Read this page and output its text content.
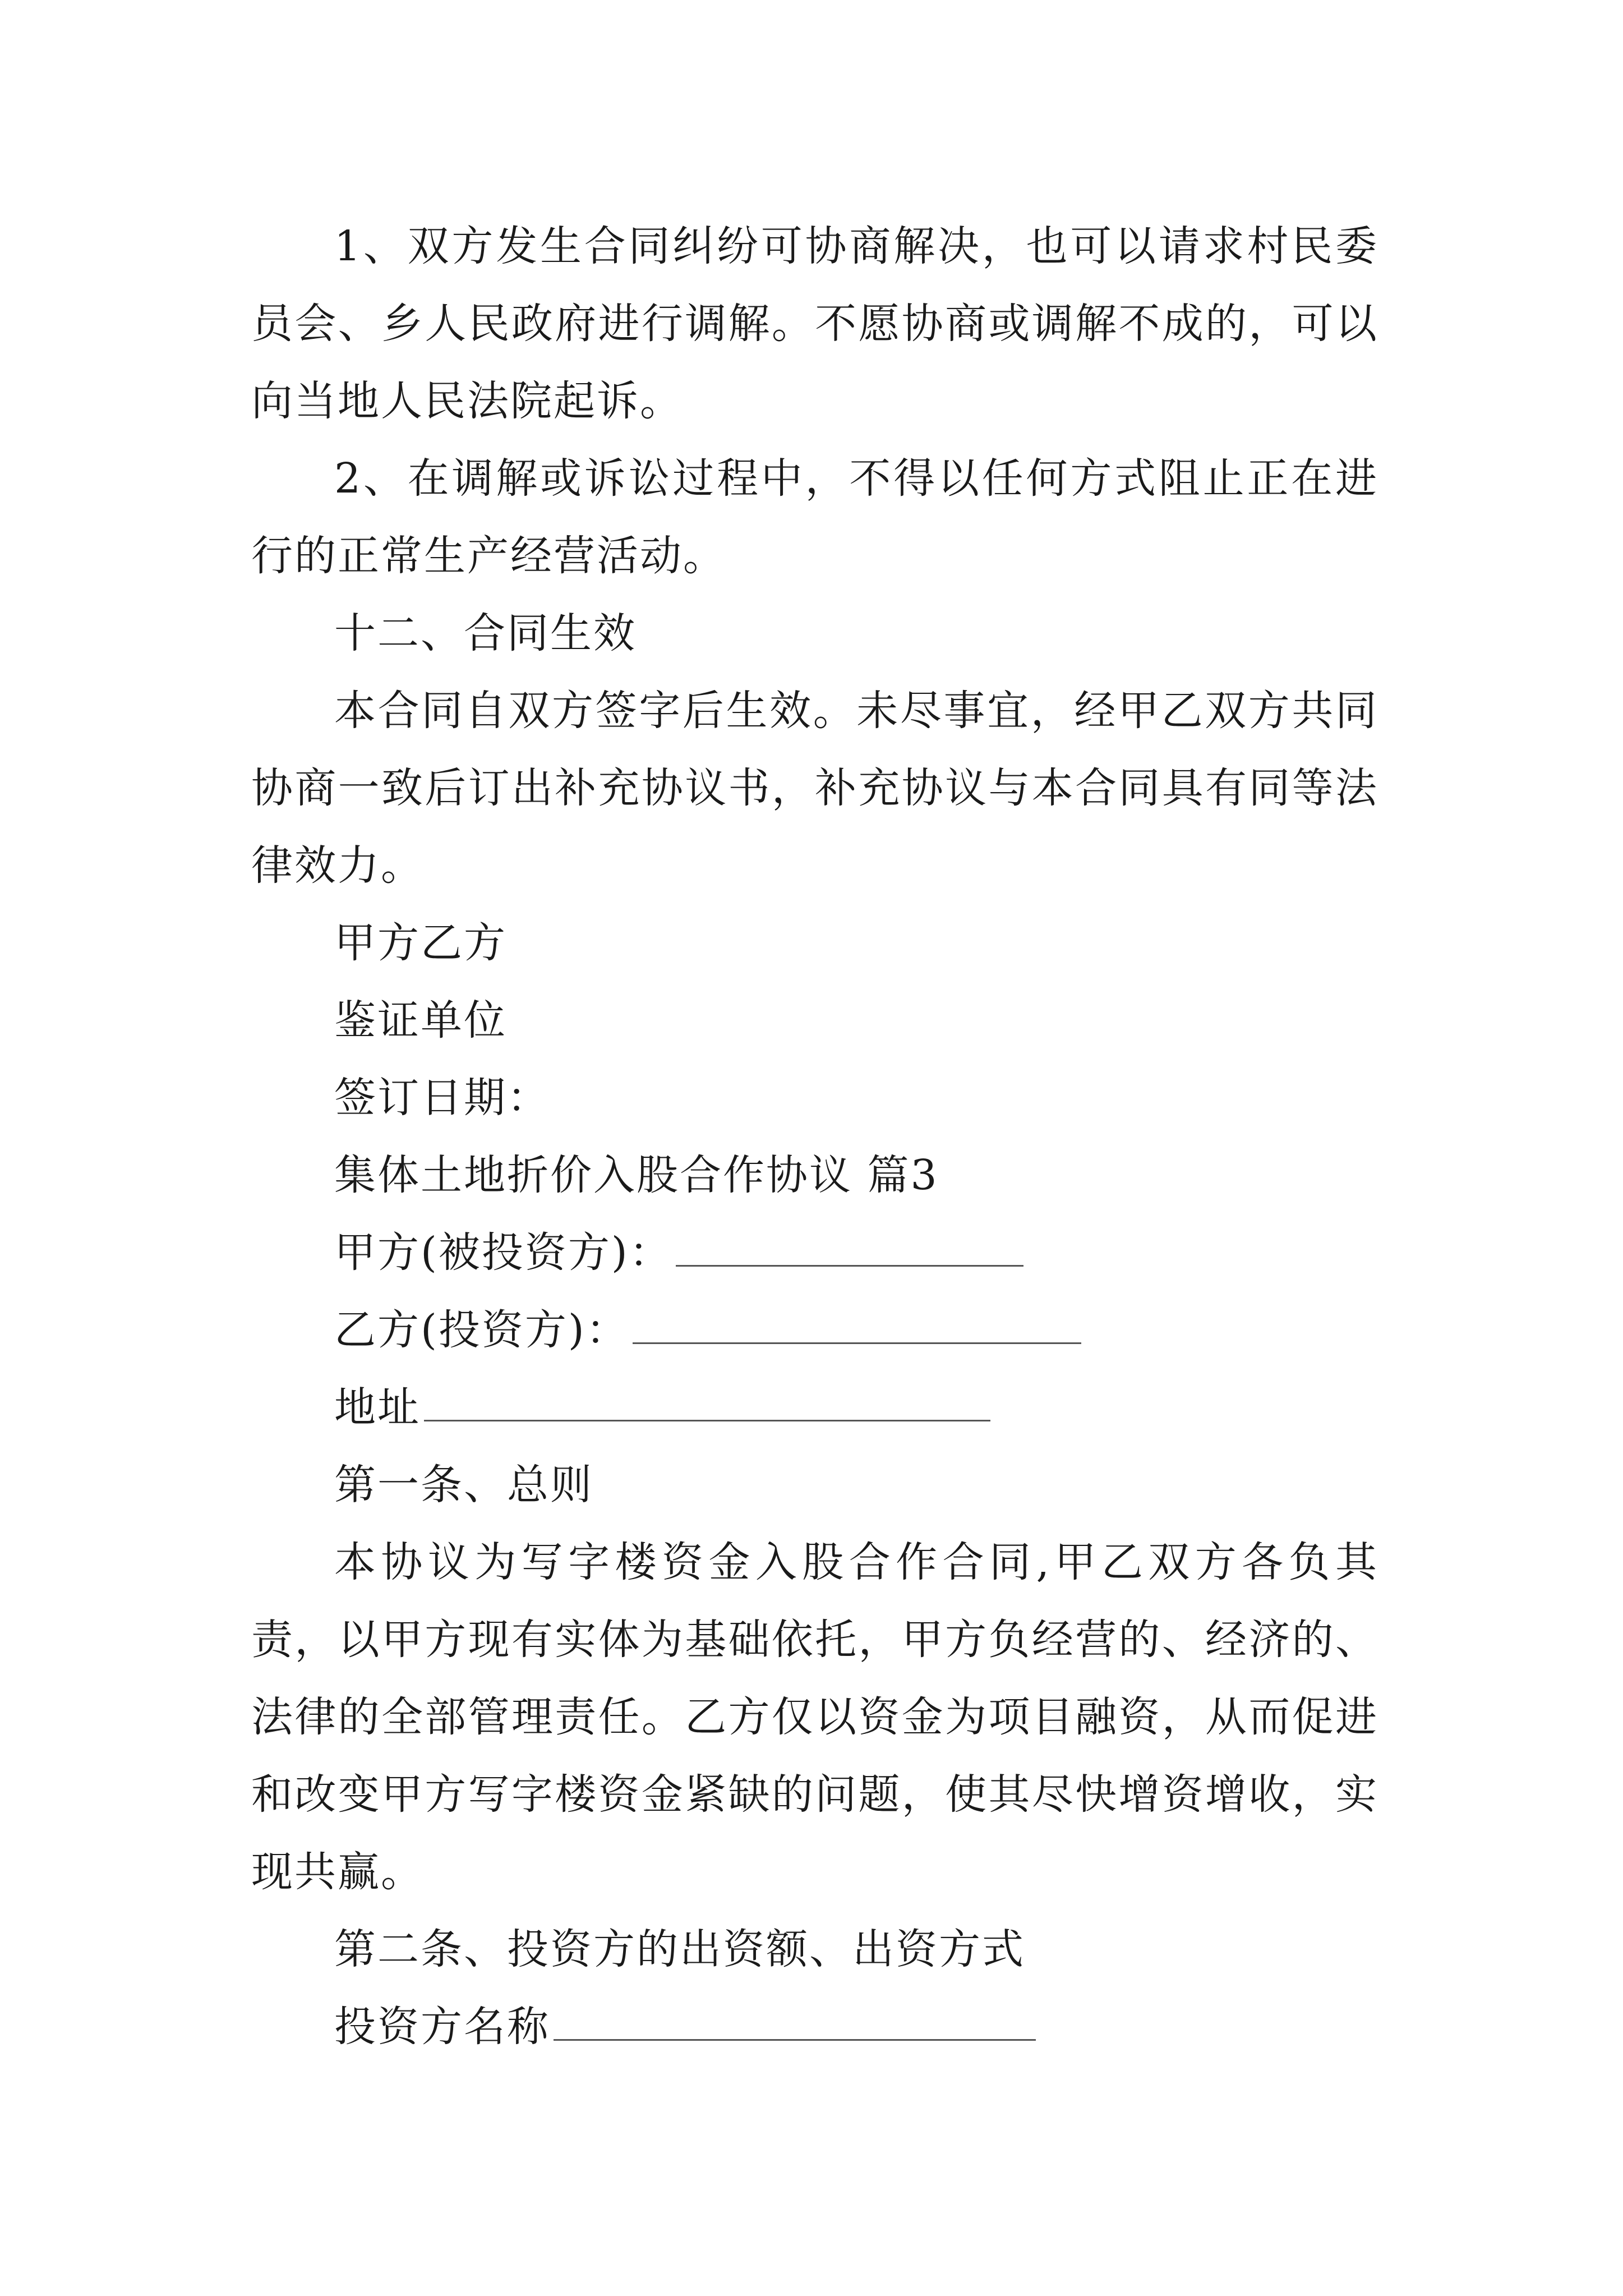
1、双方发生合同纠纷可协商解决，也可以请求村民委员会、乡人民政府进行调解。不愿协商或调解不成的，可以向当地人民法院起诉。

2、在调解或诉讼过程中，不得以任何方式阻止正在进行的正常生产经营活动。

十二、合同生效

本合同自双方签字后生效。未尽事宜，经甲乙双方共同协商一致后订出补充协议书，补充协议与本合同具有同等法律效力。

甲方乙方

鉴证单位

签订日期：

集体土地折价入股合作协议 篇3

甲方(被投资方)：

乙方(投资方)：

地址

第一条、总则

本协议为写字楼资金入股合作合同,甲乙双方各负其责，以甲方现有实体为基础依托，甲方负经营的、经济的、法律的全部管理责任。乙方仅以资金为项目融资，从而促进和改变甲方写字楼资金紧缺的问题，使其尽快增资增收，实现共赢。

第二条、投资方的出资额、出资方式

投资方名称
